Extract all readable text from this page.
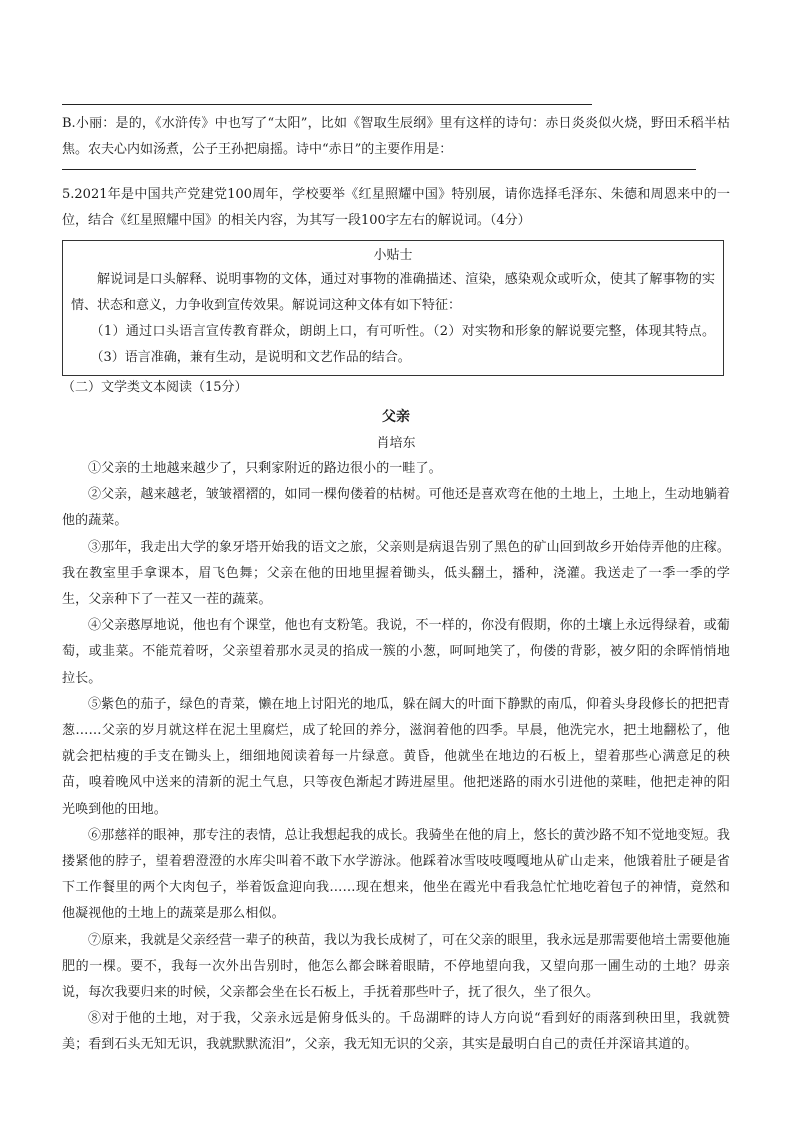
B.小丽：是的，《水浒传》中也写了“太阳”，比如《智取生辰纲》里有这样的诗句：赤日炎炎似火烧，野田禾稻半枯焦。农夫心内如汤煮，公子王孙把扇摇。诗中“赤日”的主要作用是：

5.2021年是中国共产党建党100周年，学校要举《红星照耀中国》特别展，请你选择毛泽东、朱德和周恩来中的一位，结合《红星照耀中国》的相关内容，为其写一段100字左右的解说词。（4分）

小贴士

解说词是口头解释、说明事物的文体，通过对事物的准确描述、渲染，感染观众或听众，使其了解事物的实情、状态和意义，力争收到宣传效果。解说词这种文体有如下特征：

（1）通过口头语言宣传教育群众，朗朗上口，有可听性。（2）对实物和形象的解说要完整，体现其特点。（3）语言准确，兼有生动，是说明和文艺作品的结合。

（二）文学类文本阅读（15分）
父亲
肖培东

①父亲的土地越来越少了，只剩家附近的路边很小的一畦了。

②父亲，越来越老，皱皱褶褶的，如同一棵佝偻着的枯树。可他还是喜欢弯在他的土地上，土地上，生动地躺着他的蔬菜。

③那年，我走出大学的象牙塔开始我的语文之旅，父亲则是病退告别了黑色的矿山回到故乡开始侍弄他的庄稼。我在教室里手拿课本，眉飞色舞；父亲在他的田地里握着锄头，低头翻土，播种，浇灌。我送走了一季一季的学生，父亲种下了一茬又一茬的蔬菜。

④父亲憨厚地说，他也有个课堂，他也有支粉笔。我说，不一样的，你没有假期，你的土壤上永远得绿着，或葡萄，或韭菜。不能荒着呀，父亲望着那水灵灵的掐成一簇的小葱，呵呵地笑了，佝偻的背影，被夕阳的余晖悄悄地拉长。

⑤紫色的茄子，绿色的青菜，懒在地上讨阳光的地瓜，躲在阔大的叶面下静默的南瓜，仰着头身段修长的把把青葱……父亲的岁月就这样在泥土里腐烂，成了轮回的养分，滋润着他的四季。早晨，他洗完水，把土地翻松了，他就会把枯瘦的手支在锄头上，细细地阅读着每一片绿意。黄昏，他就坐在地边的石板上，望着那些心满意足的秧苗，嗅着晚风中送来的清新的泥土气息，只等夜色渐起才踌进屋里。他把迷路的雨水引进他的菜畦，他把走神的阳光唤到他的田地。

⑥那慈祥的眼神，那专注的表情，总让我想起我的成长。我骑坐在他的肩上，悠长的黄沙路不知不觉地变短。我搂紧他的脖子，望着碧澄澄的水库尖叫着不敢下水学游泳。他踩着冰雪吱吱嘎嘎地从矿山走来，他饿着肚子硬是省下工作餐里的两个大肉包子，举着饭盒迎向我……现在想来，他坐在霞光中看我急忙忙地吃着包子的神情，竟然和他凝视他的土地上的蔬菜是那么相似。

⑦原来，我就是父亲经营一辈子的秧苗，我以为我长成树了，可在父亲的眼里，我永远是那需要他培土需要他施肥的一棵。要不，我每一次外出告别时，他怎么都会眯着眼睛，不停地望向我，又望向那一圃生动的土地？毋亲说，每次我要归来的时候，父亲都会坐在长石板上，手抚着那些叶子，抚了很久，坐了很久。

⑧对于他的土地，对于我，父亲永远是俯身低头的。千岛湖畔的诗人方向说“看到好的雨落到秧田里，我就赞美；看到石头无知无识，我就默默流泪”，父亲，我无知无识的父亲，其实是最明白自己的责任并深谙其道的。
